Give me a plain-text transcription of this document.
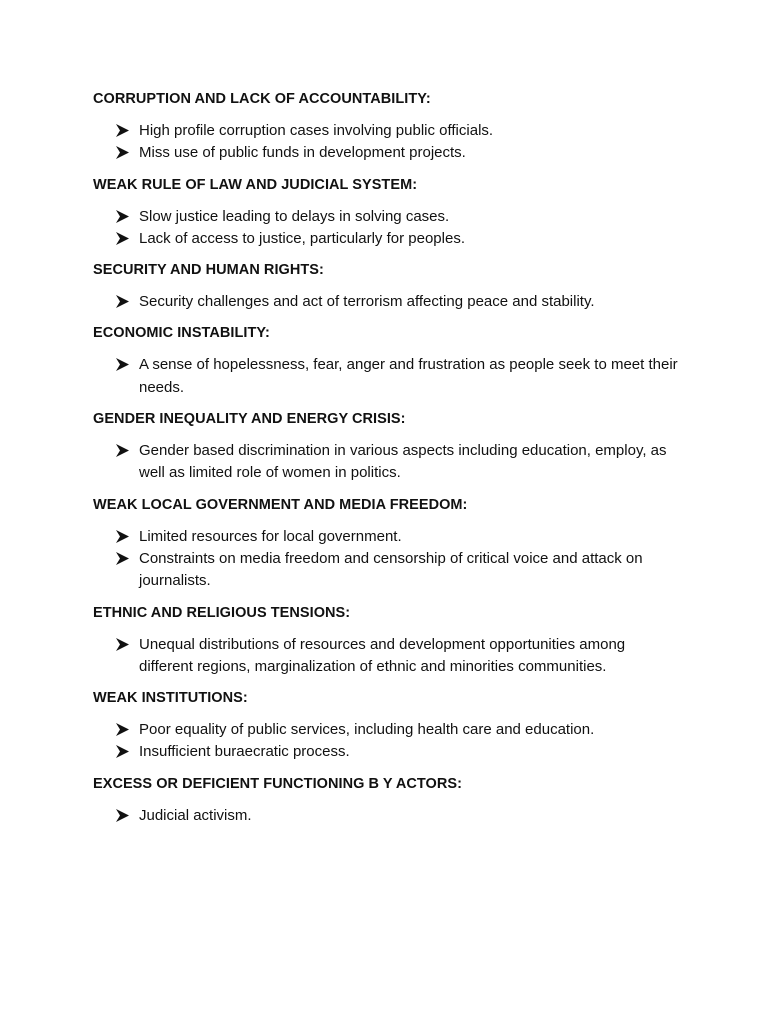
CORRUPTION AND LACK OF ACCOUNTABILITY:
High profile corruption cases involving public officials.
Miss use of public funds in development projects.
WEAK RULE OF LAW AND JUDICIAL SYSTEM:
Slow justice leading to delays in solving cases.
Lack of access to justice, particularly for peoples.
SECURITY AND HUMAN RIGHTS:
Security challenges and act of terrorism affecting peace and stability.
ECONOMIC INSTABILITY:
A sense of hopelessness, fear, anger and frustration as people seek to meet their needs.
GENDER INEQUALITY AND ENERGY CRISIS:
Gender based discrimination in various aspects including education, employ, as well as limited role of women in politics.
WEAK LOCAL GOVERNMENT AND MEDIA FREEDOM:
Limited resources for local government.
Constraints on media freedom and censorship of critical voice and attack on journalists.
ETHNIC AND RELIGIOUS TENSIONS:
Unequal distributions of resources and development opportunities among different regions, marginalization of ethnic and minorities communities.
WEAK INSTITUTIONS:
Poor equality of public services, including health care and education.
Insufficient buraecratic process.
EXCESS OR DEFICIENT FUNCTIONING B Y ACTORS:
Judicial activism.
